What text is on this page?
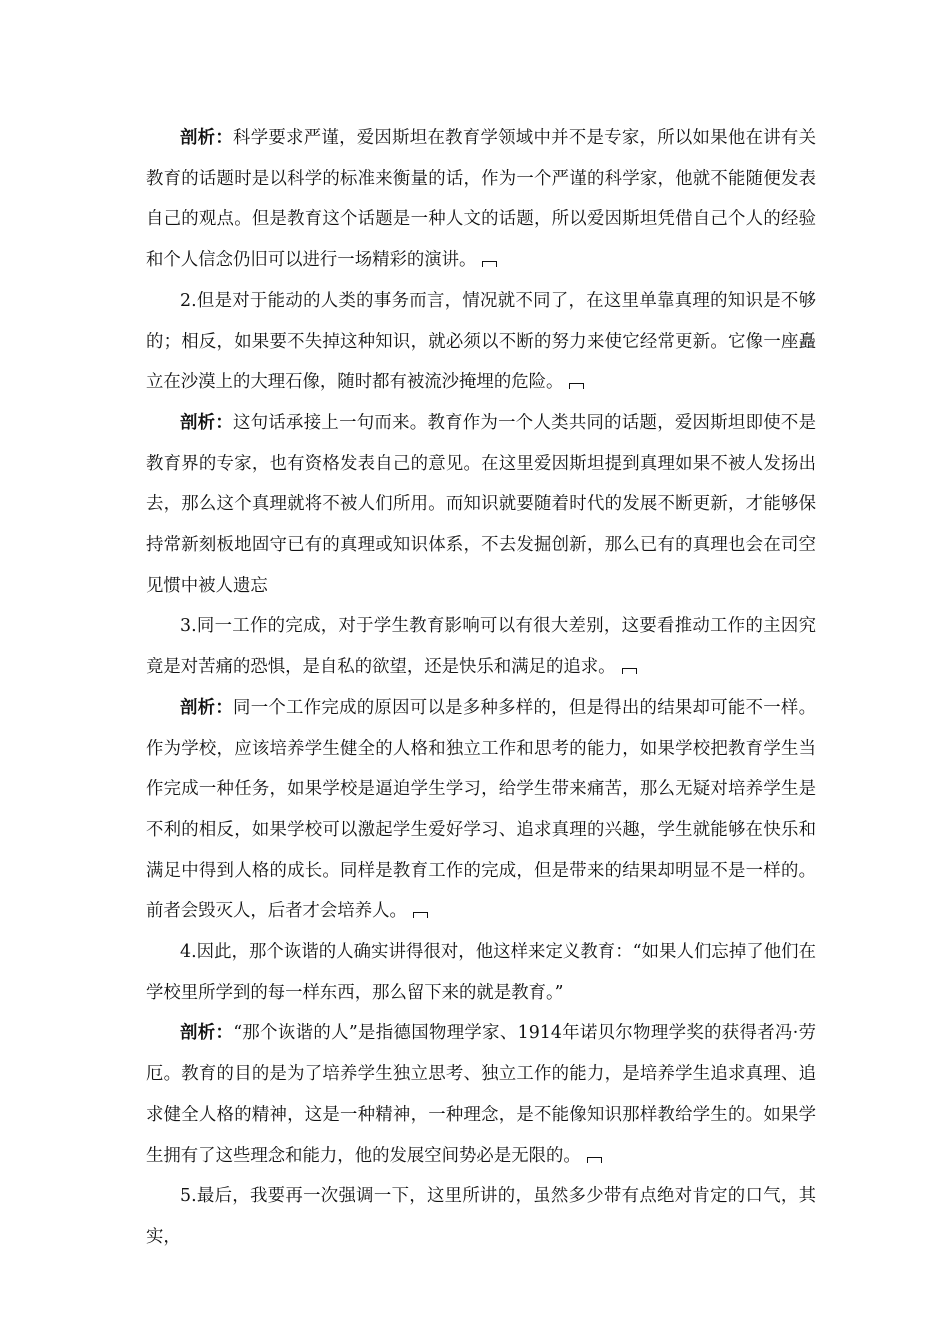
剖析：科学要求严谨，爱因斯坦在教育学领域中并不是专家，所以如果他在讲有关教育的话题时是以科学的标准来衡量的话，作为一个严谨的科学家，他就不能随便发表自己的观点。但是教育这个话题是一种人文的话题，所以爱因斯坦凭借自己个人的经验和个人信念仍旧可以进行一场精彩的演讲。

2.但是对于能动的人类的事务而言，情况就不同了，在这里单靠真理的知识是不够的；相反，如果要不失掉这种知识，就必须以不断的努力来使它经常更新。它像一座矗立在沙漠上的大理石像，随时都有被流沙掩埋的危险。

剖析：这句话承接上一句而来。教育作为一个人类共同的话题，爱因斯坦即使不是教育界的专家，也有资格发表自己的意见。在这里爱因斯坦提到真理如果不被人发扬出去，那么这个真理就将不被人们所用。而知识就要随着时代的发展不断更新，才能够保持常新刻板地固守已有的真理或知识体系，不去发掘创新，那么已有的真理也会在司空见惯中被人遗忘

3.同一工作的完成，对于学生教育影响可以有很大差别，这要看推动工作的主因究竟是对苦痛的恐惧，是自私的欲望，还是快乐和满足的追求。

剖析：同一个工作完成的原因可以是多种多样的，但是得出的结果却可能不一样。作为学校，应该培养学生健全的人格和独立工作和思考的能力，如果学校把教育学生当作完成一种任务，如果学校是逼迫学生学习，给学生带来痛苦，那么无疑对培养学生是不利的相反，如果学校可以激起学生爱好学习、追求真理的兴趣，学生就能够在快乐和满足中得到人格的成长。同样是教育工作的完成，但是带来的结果却明显不是一样的。前者会毁灭人，后者才会培养人。

4.因此，那个诙谐的人确实讲得很对，他这样来定义教育：“如果人们忘掉了他们在学校里所学到的每一样东西，那么留下来的就是教育。”

剖析：“那个诙谐的人”是指德国物理学家、1914年诺贝尔物理学奖的获得者冯·劳厄。教育的目的是为了培养学生独立思考、独立工作的能力，是培养学生追求真理、追求健全人格的精神，这是一种精神，一种理念，是不能像知识那样教给学生的。如果学生拥有了这些理念和能力，他的发展空间势必是无限的。

5.最后，我要再一次强调一下，这里所讲的，虽然多少带有点绝对肯定的口气，其实，
